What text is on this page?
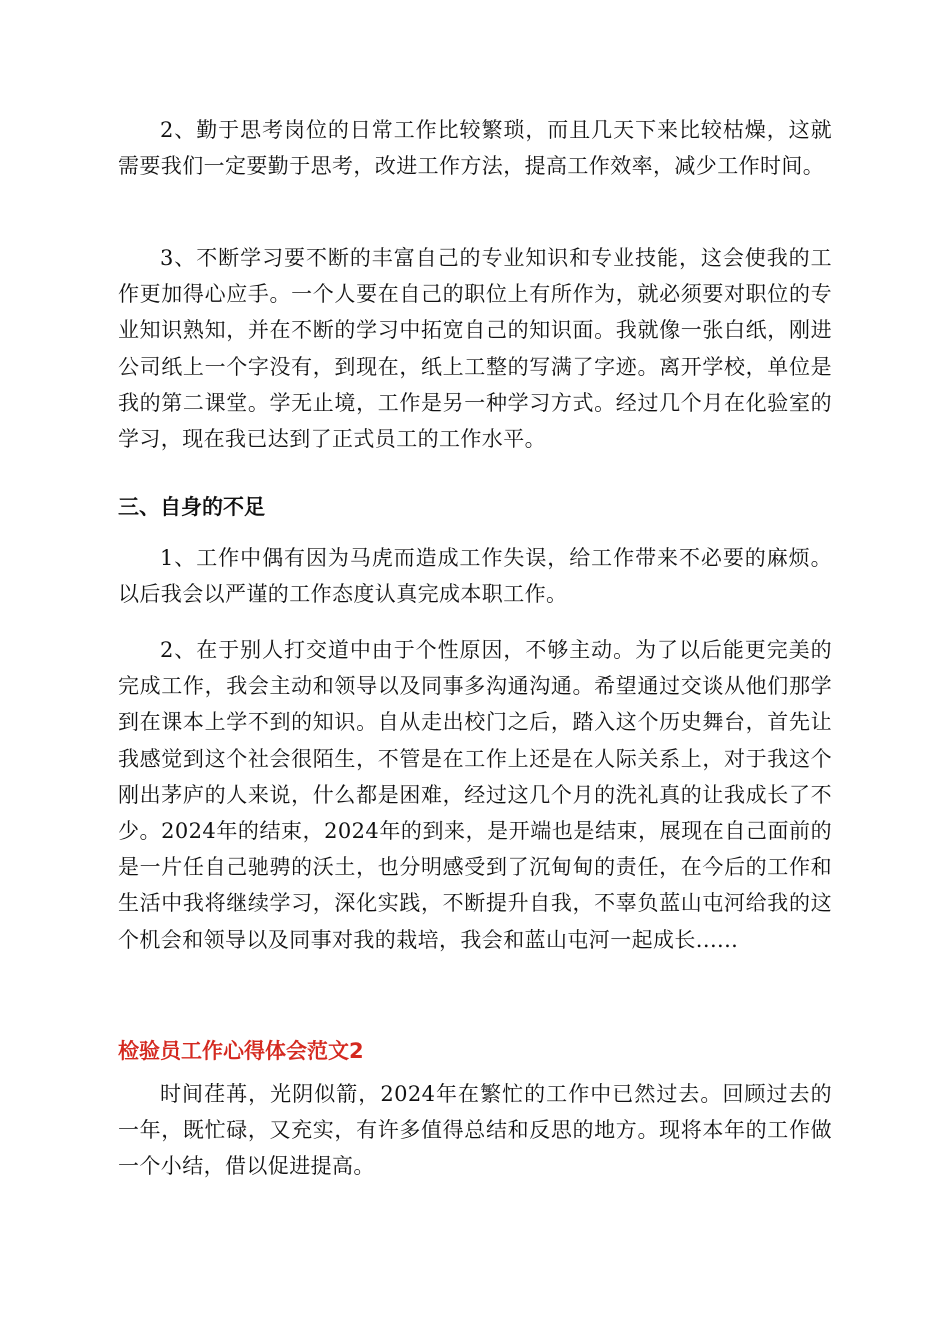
2、勤于思考岗位的日常工作比较繁琐，而且几天下来比较枯燥，这就需要我们一定要勤于思考，改进工作方法，提高工作效率，减少工作时间。

3、不断学习要不断的丰富自己的专业知识和专业技能，这会使我的工作更加得心应手。一个人要在自己的职位上有所作为，就必须要对职位的专业知识熟知，并在不断的学习中拓宽自己的知识面。我就像一张白纸，刚进公司纸上一个字没有，到现在，纸上工整的写满了字迹。离开学校，单位是我的第二课堂。学无止境，工作是另一种学习方式。经过几个月在化验室的学习，现在我已达到了正式员工的工作水平。

三、自身的不足

1、工作中偶有因为马虎而造成工作失误，给工作带来不必要的麻烦。以后我会以严谨的工作态度认真完成本职工作。

2、在于别人打交道中由于个性原因，不够主动。为了以后能更完美的完成工作，我会主动和领导以及同事多沟通沟通。希望通过交谈从他们那学到在课本上学不到的知识。自从走出校门之后，踏入这个历史舞台，首先让我感觉到这个社会很陌生，不管是在工作上还是在人际关系上，对于我这个刚出茅庐的人来说，什么都是困难，经过这几个月的洗礼真的让我成长了不少。2024年的结束，2024年的到来，是开端也是结束，展现在自己面前的是一片任自己驰骋的沃土，也分明感受到了沉甸甸的责任，在今后的工作和生活中我将继续学习，深化实践，不断提升自我，不辜负蓝山屯河给我的这个机会和领导以及同事对我的栽培，我会和蓝山屯河一起成长......

检验员工作心得体会范文2

时间荏苒，光阴似箭，2024年在繁忙的工作中已然过去。回顾过去的一年，既忙碌，又充实，有许多值得总结和反思的地方。现将本年的工作做一个小结，借以促进提高。
